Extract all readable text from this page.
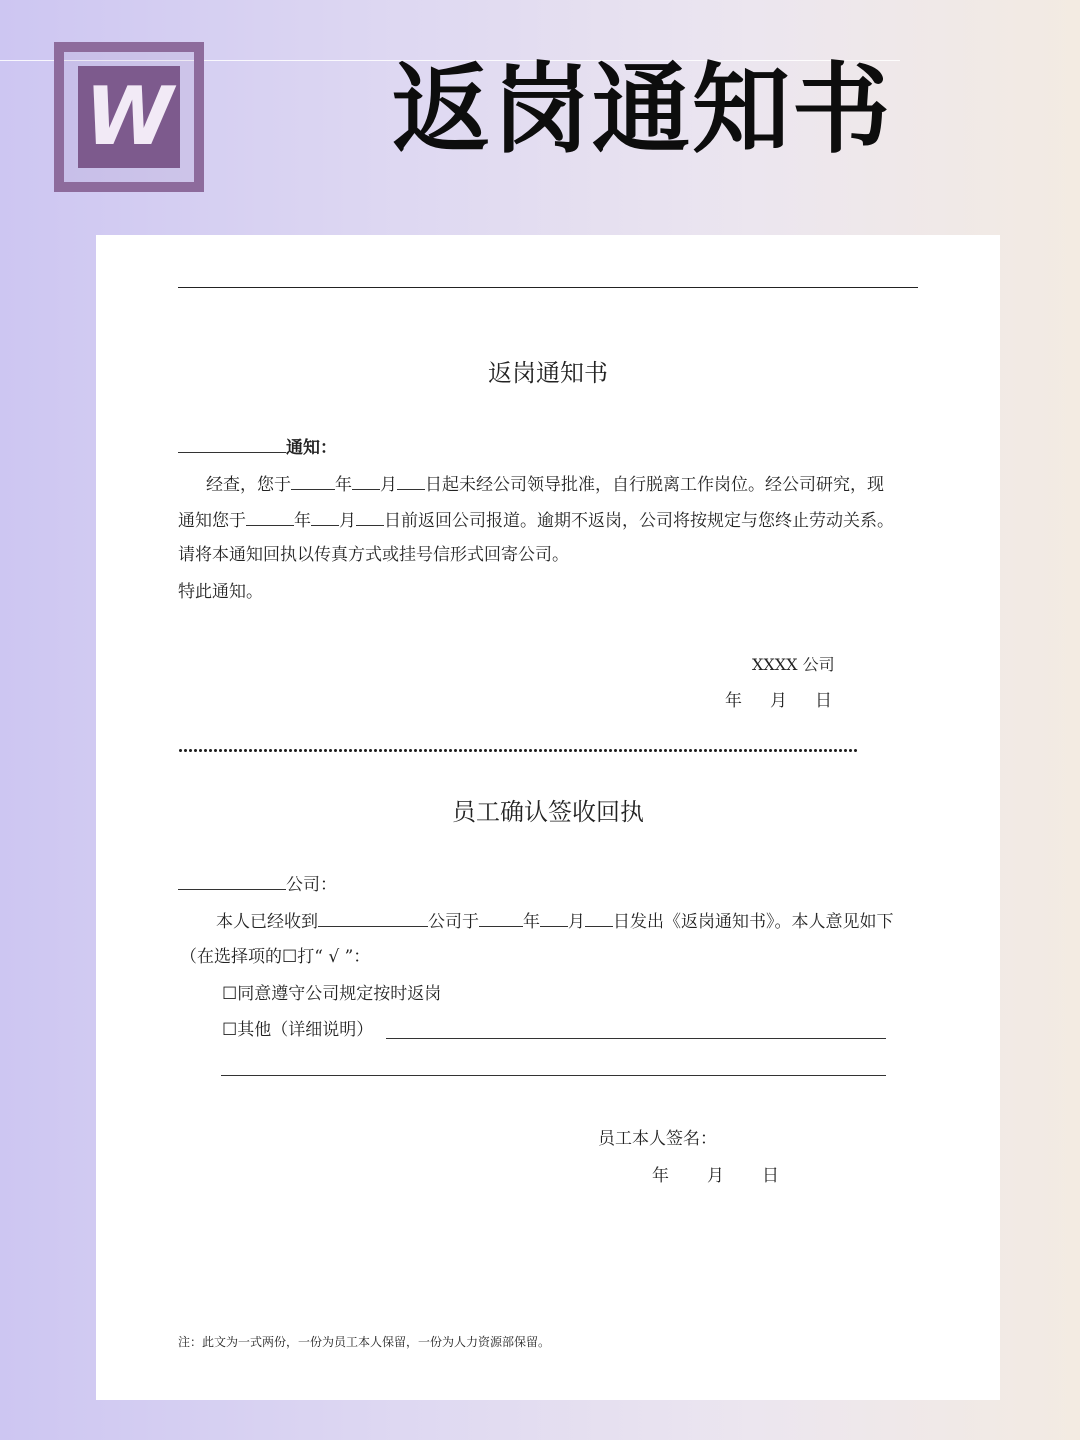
W 返岗通知书
返岗通知书
通知：
经查，您于	年 月 日起未经公司领导批准，自行脱离工作岗位。经公司研究，现
通知您于	年 月 日前返回公司报道。逾期不返岗，公司将按规定与您终止劳动关系。
请将本通知回执以传真方式或挂号信形式回寄公司。
特此通知。
XXXX 公司
年 月 日
员工确认签收回执
公司：
本人已经收到	公司于	年 月 日发出《返岗通知书》。本人意见如下
（在选择项的☐打“ √ ”：
☐同意遵守公司规定按时返岗
☐其他（详细说明）
员工本人签名：
年 月 日
注：此文为一式两份，一份为员工本人保留，一份为人力资源部保留。
